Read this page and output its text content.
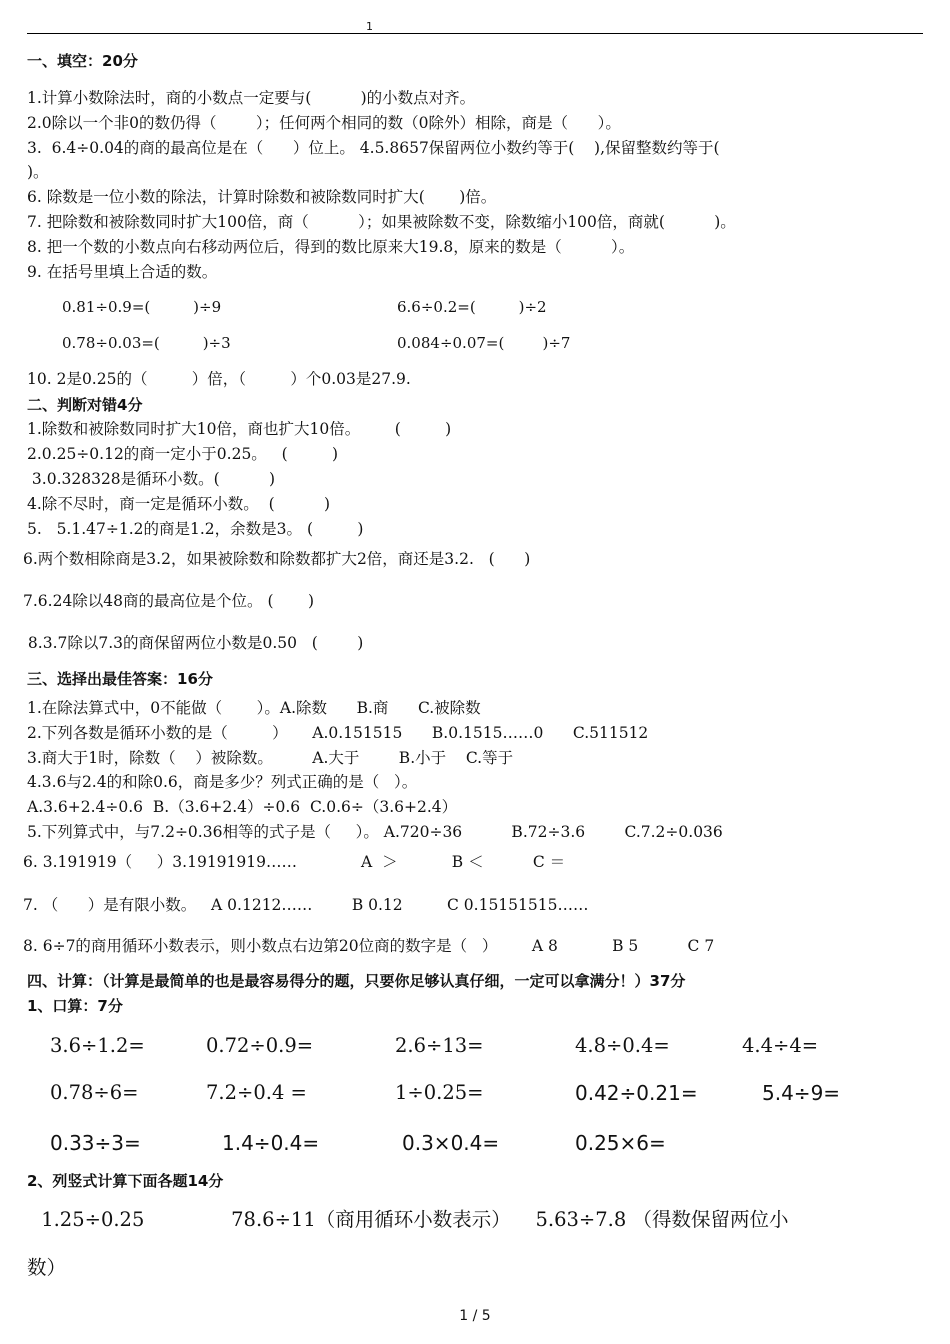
1
一、填空：20分
1.计算小数除法时，商的小数点一定要与(          )的小数点对齐。
2.0除以一个非0的数仍得（        ）；任何两个相同的数（0除外）相除，商是（      ）。
3.  6.4÷0.04的商的最高位是在（      ）位上。 4.5.8657保留两位小数约等于(    ),保留整数约等于(
)。
6. 除数是一位小数的除法，计算时除数和被除数同时扩大(       )倍。
7. 把除数和被除数同时扩大100倍，商（          ）；如果被除数不变，除数缩小100倍，商就(          )。
8. 把一个数的小数点向右移动两位后，得到的数比原来大19.8，原来的数是（          ）。
9. 在括号里填上合适的数。
0.81÷0.9=(         )÷9	6.6÷0.2=(         )÷2
0.78÷0.03=(         )÷3	0.084÷0.07=(        )÷7
10. 2是0.25的（         ）倍，（         ）个0.03是27.9.
二、判断对错4分
1.除数和被除数同时扩大10倍，商也扩大10倍。       (         )
2.0.25÷0.12的商一定小于0.25。   (         )
3.0.328328是循环小数。(          )
4.除不尽时，商一定是循环小数。  (          )
5.   5.1.47÷1.2的商是1.2，余数是3。 (         )
6.两个数相除商是3.2，如果被除数和除数都扩大2倍，商还是3.2.   (      )
7.6.24除以48商的最高位是个位。 (       )
8.3.7除以7.3的商保留两位小数是0.50   (        )
三、选择出最佳答案：16分
1.在除法算式中，0不能做（       ）。A.除数      B.商      C.被除数
2.下列各数是循环小数的是（         ）     A.0.151515      B.0.1515……0      C.511512
3.商大于1时，除数（    ）被除数。        A.大于        B.小于    C.等于
4.3.6与2.4的和除0.6，商是多少？列式正确的是（   ）。
A.3.6+2.4÷0.6  B.（3.6+2.4）÷0.6  C.0.6÷（3.6+2.4）
5.下列算式中，与7.2÷0.36相等的式子是（     ）。 A.720÷36          B.72÷3.6        C.7.2÷0.036
6. 3.191919（     ）3.19191919……             A  ＞           B ＜          C ＝
7. （      ）是有限小数。   A 0.1212……        B 0.12         C 0.15151515……
8. 6÷7的商用循环小数表示，则小数点右边第20位商的数字是（   ）       A 8           B 5          C 7
四、计算：（计算是最简单的也是最容易得分的题，只要你足够认真仔细，一定可以拿满分！）37分
1、口算：7分
3.6÷1.2=	0.72÷0.9=	2.6÷13=	4.8÷0.4=	4.4÷4=
0.78÷6=	7.2÷0.4 =	1÷0.25=	0.42÷0.21=	5.4÷9=
0.33÷3=	1.4÷0.4=	0.3×0.4=	0.25×6=
2、列竖式计算下面各题14分
1.25÷0.25              78.6÷11（商用循环小数表示）    5.63÷7.8 （得数保留两位小
数）
1 / 5
